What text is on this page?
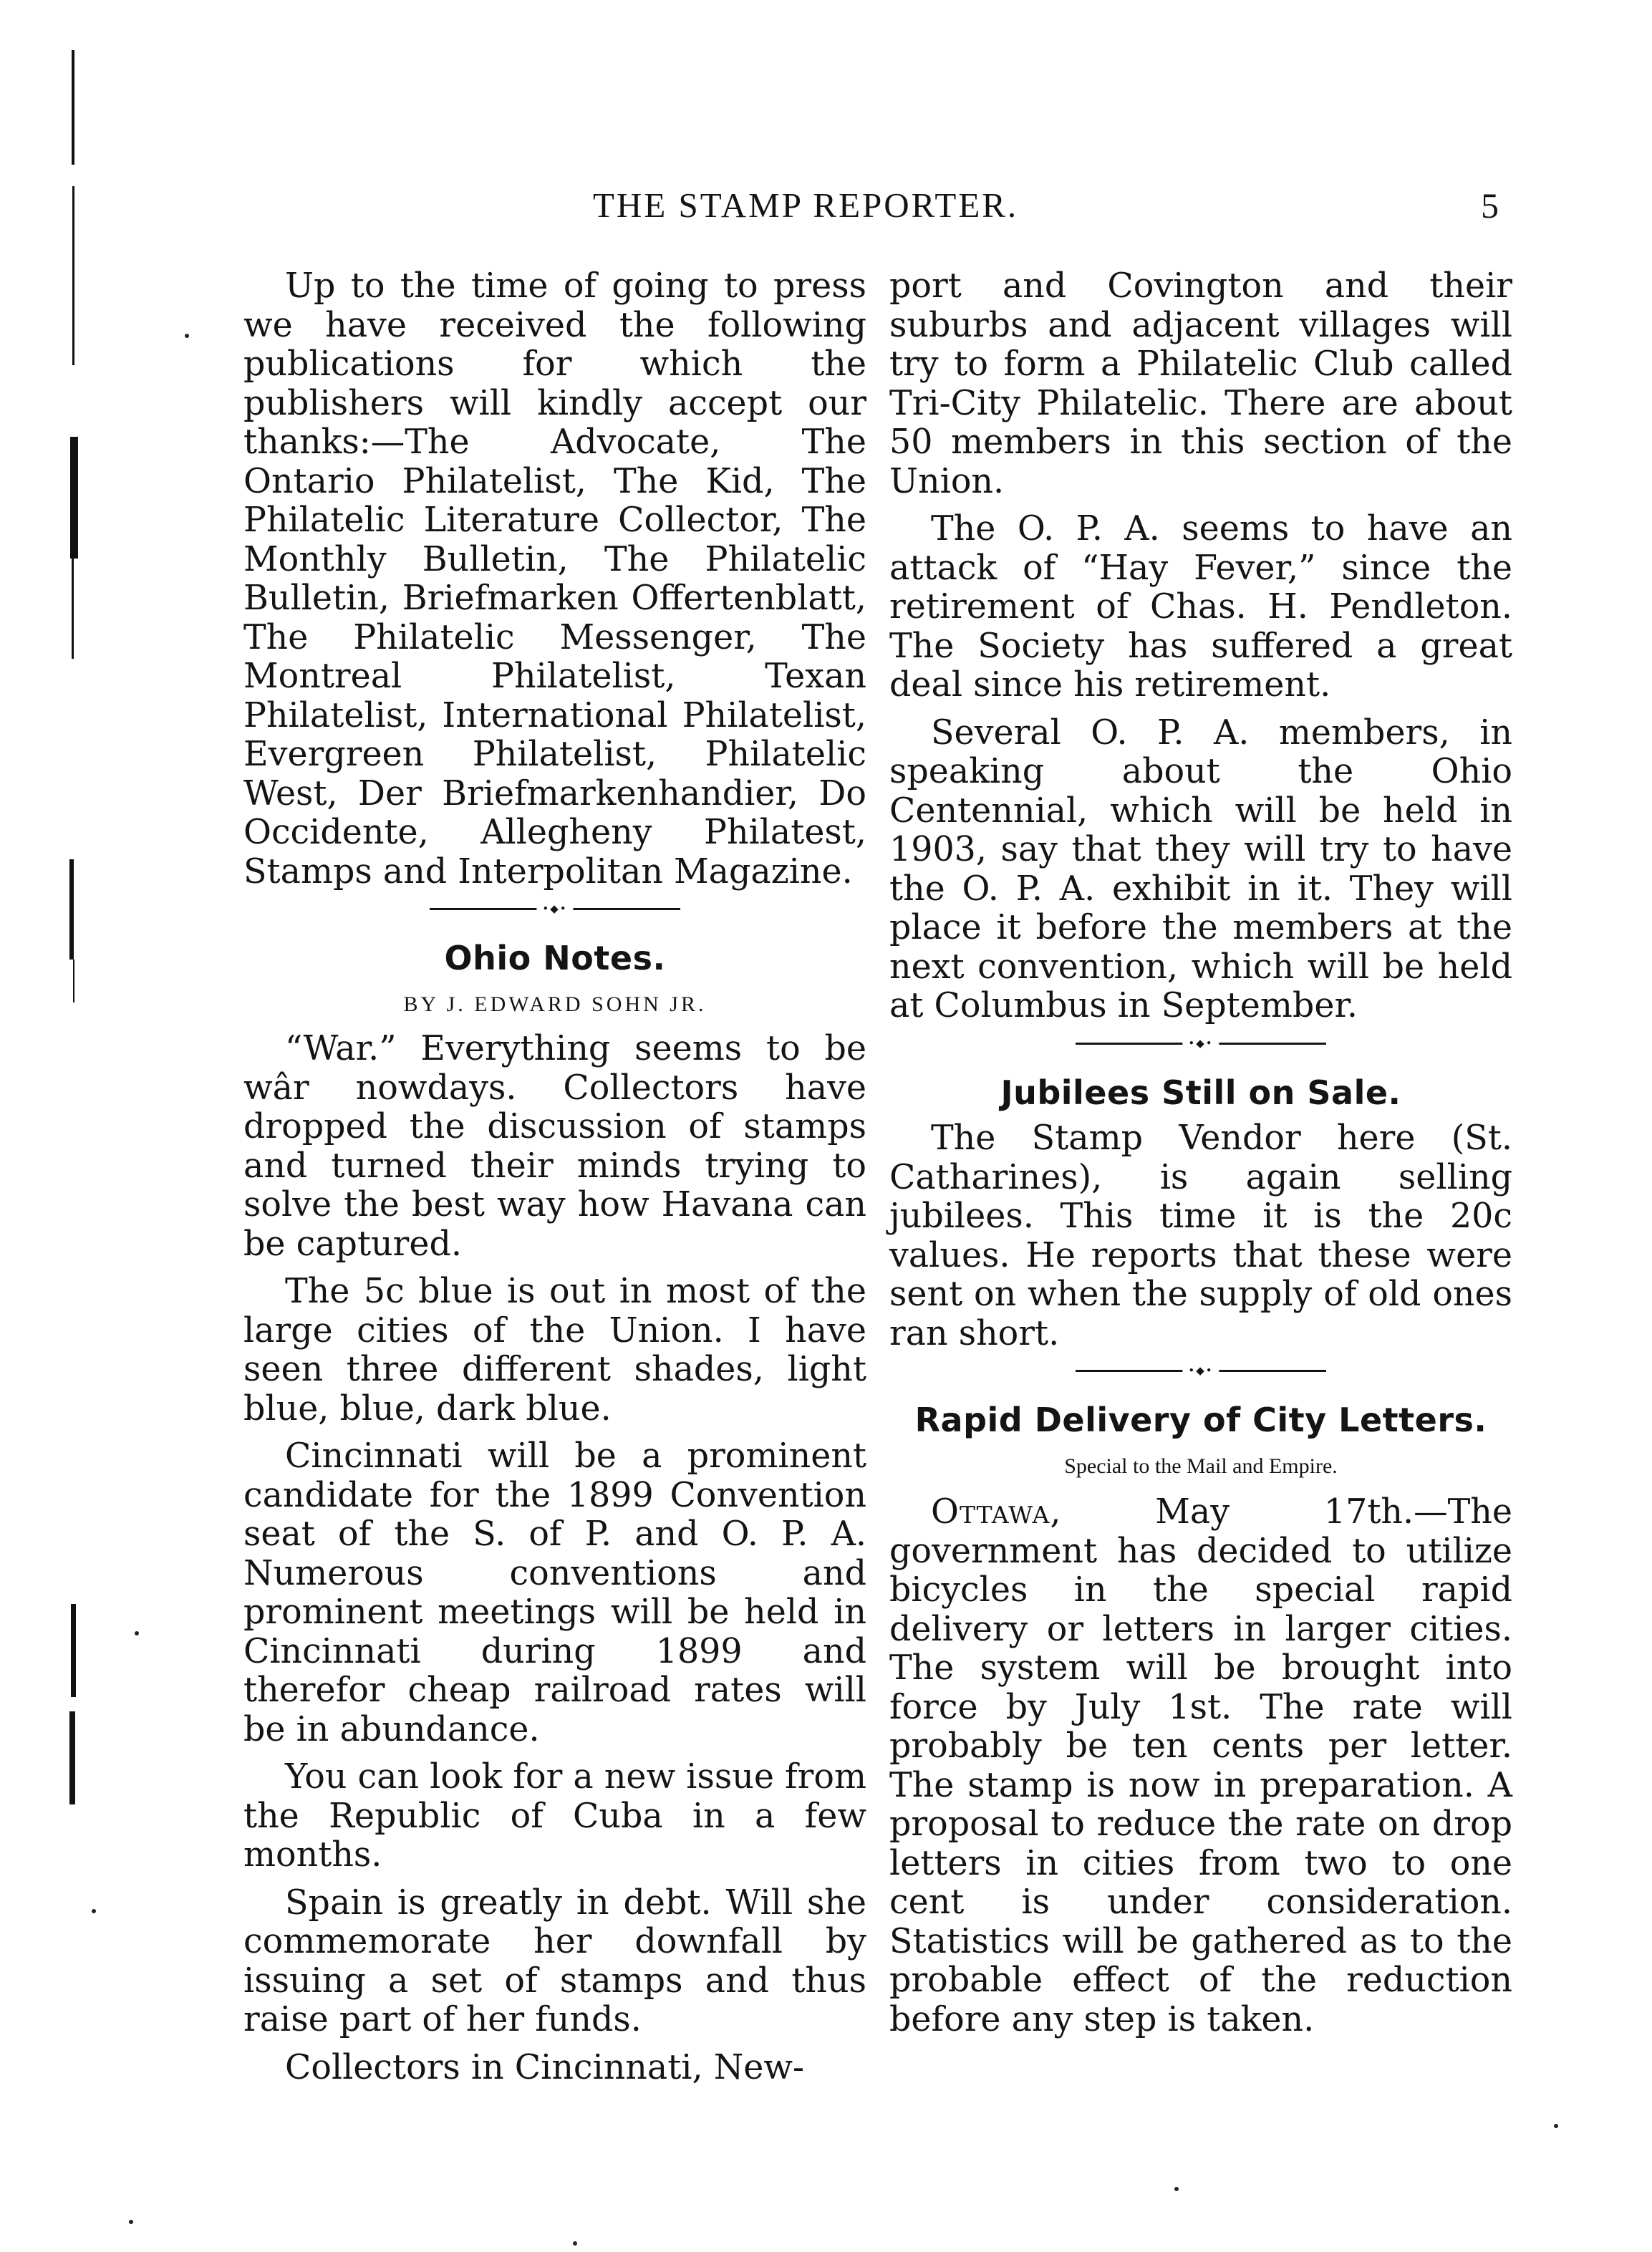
THE STAMP REPORTER.	5

Up to the time of going to press we have received the following publications for which the publishers will kindly accept our thanks:—The Advocate, The Ontario Philatelist, The Kid, The Philatelic Literature Collector, The Monthly Bulletin, The Philatelic Bulletin, Briefmarken Offertenblatt, The Philatelic Messenger, The Montreal Philatelist, Texan Philatelist, International Philatelist, Evergreen Philatelist, Philatelic West, Der Briefmarkenhandier, Do Occidente, Allegheny Philatest, Stamps and Interpolitan Magazine.

•◆•
Ohio Notes.
BY J. EDWARD SOHN JR.

“War.” Everything seems to be wâr nowdays. Collectors have dropped the discussion of stamps and turned their minds trying to solve the best way how Havana can be captured.

The 5c blue is out in most of the large cities of the Union. I have seen three different shades, light blue, blue, dark blue.

Cincinnati will be a prominent candidate for the 1899 Convention seat of the S. of P. and O. P. A. Numerous conventions and prominent meetings will be held in Cincinnati during 1899 and therefor cheap railroad rates will be in abundance.

You can look for a new issue from the Republic of Cuba in a few months.

Spain is greatly in debt. Will she commemorate her downfall by issuing a set of stamps and thus raise part of her funds.

Collectors in Cincinnati, New-

port and Covington and their suburbs and adjacent villages will try to form a Philatelic Club called Tri-City Philatelic. There are about 50 members in this section of the Union.

The O. P. A. seems to have an attack of “Hay Fever,” since the retirement of Chas. H. Pendleton. The Society has suffered a great deal since his retirement.

Several O. P. A. members, in speaking about the Ohio Centennial, which will be held in 1903, say that they will try to have the O. P. A. exhibit in it. They will place it before the members at the next convention, which will be held at Columbus in September.

•◆•
Jubilees Still on Sale.

The Stamp Vendor here (St. Catharines), is again selling jubilees. This time it is the 20c values. He reports that these were sent on when the supply of old ones ran short.

•◆•
Rapid Delivery of City Letters.
Special to the Mail and Empire.

Ottawa, May 17th.—The government has decided to utilize bicycles in the special rapid delivery or letters in larger cities. The system will be brought into force by July 1st. The rate will probably be ten cents per letter. The stamp is now in preparation. A proposal to reduce the rate on drop letters in cities from two to one cent is under consideration. Statistics will be gathered as to the probable effect of the reduction before any step is taken.
